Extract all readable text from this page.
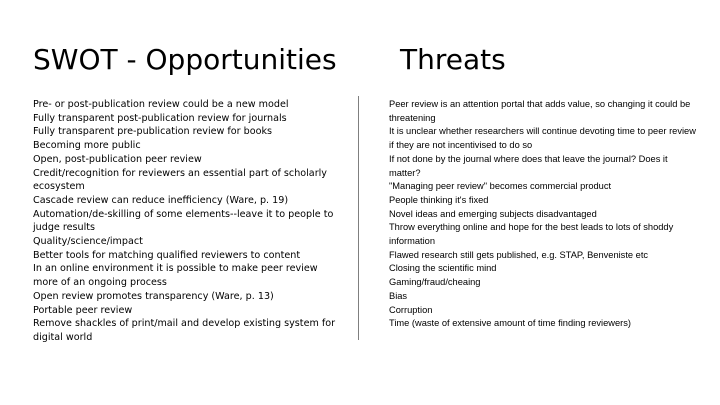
SWOT - Opportunities Threats
Pre- or post-publication review could be a new model
Fully transparent post-publication review for journals
Fully transparent pre-publication review for books
Becoming more public
Open, post-publication peer review
Credit/recognition for reviewers an essential part of scholarly ecosystem
Cascade review can reduce inefficiency (Ware, p. 19)
Automation/de-skilling of some elements--leave it to people to judge results
Quality/science/impact
Better tools for matching qualified reviewers to content
In an online environment it is possible to make peer review more of an ongoing process
Open review promotes transparency (Ware, p. 13)
Portable peer review
Remove shackles of print/mail and develop existing system for digital world
Peer review is an attention portal that adds value, so changing it could be threatening
It is unclear whether researchers will continue devoting time to peer review if they are not incentivised to do so
If not done by the journal where does that leave the journal? Does it matter?
"Managing peer review" becomes commercial product
People thinking it's fixed
Novel ideas and emerging subjects disadvantaged
Throw everything online and hope for the best leads to lots of shoddy information
Flawed research still gets published, e.g. STAP, Benveniste etc
Closing the scientific mind
Gaming/fraud/cheaing
Bias
Corruption
Time (waste of extensive amount of time finding reviewers)
